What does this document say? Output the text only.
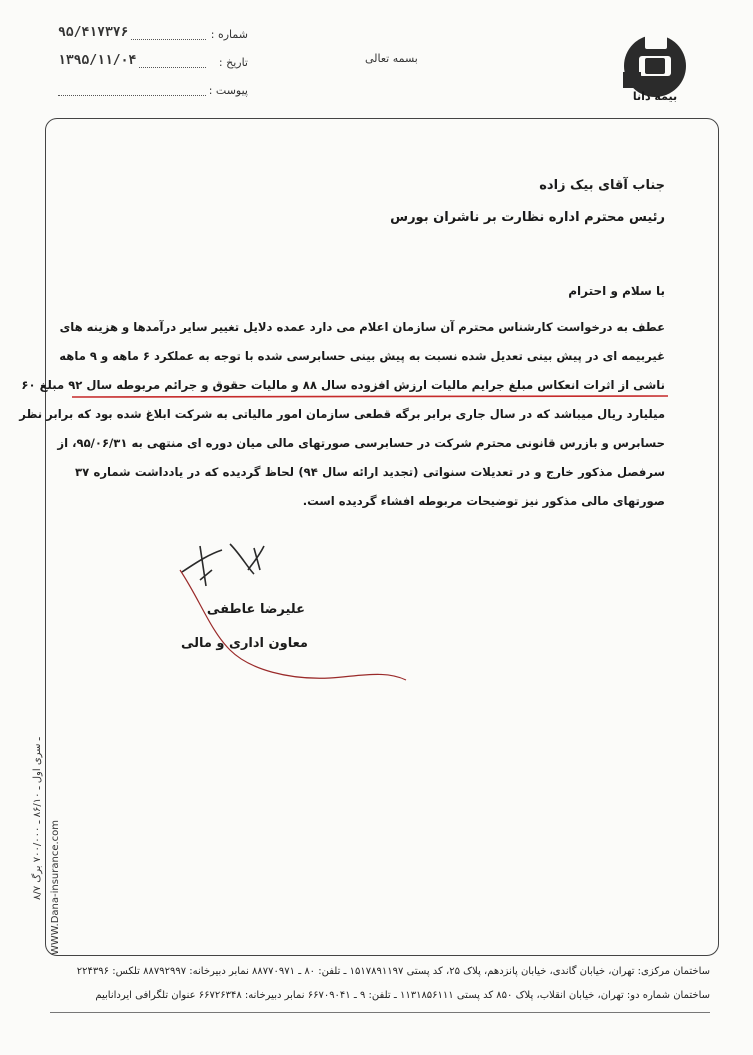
شماره :
۹۵/۴۱۷۳۷۶
تاریخ :
۱۳۹۵/۱۱/۰۴
پیوست :
بسمه تعالی
بیمه دانا
جناب آقای بیک زاده
رئیس محترم اداره نظارت بر ناشران بورس
با سلام و احترام
عطف به درخواست کارشناس محترم آن سازمان اعلام می دارد عمده دلایل تغییر سایر درآمدها و هزینه های
غیربیمه ای در پیش بینی تعدیل شده نسبت به پیش بینی حسابرسی شده با توجه به عملکرد ۶ ماهه و ۹ ماهه
ناشی از اثرات انعکاس مبلغ جرایم مالیات ارزش افزوده سال ۸۸ و مالیات حقوق و جرائم مربوطه سال ۹۲ مبلغ ۶۰
میلیارد ریال میباشد که در سال جاری برابر برگه قطعی سازمان امور مالیاتی به شرکت ابلاغ شده بود که برابر نظر
حسابرس و بازرس قانونی محترم شرکت در حسابرسی صورتهای مالی میان دوره ای منتهی به ۹۵/۰۶/۳۱، از
سرفصل مذکور خارج و در تعدیلات سنواتی (تجدید ارائه سال ۹۴) لحاظ گردیده که در یادداشت شماره ۳۷
صورتهای مالی مذکور نیز توضیحات مربوطه افشاء گردیده است.
علیرضا عاطفی
معاون اداری و مالی
WWW.Dana-insurance.com
۸/۷ ـ سری اول ـ ۸۶/۱۰ ـ ۷۰۰/۰۰۰ برگ
ساختمان مرکزی: تهران، خیابان گاندی، خیابان پانزدهم، پلاک ۲۵، کد پستی ۱۵۱۷۸۹۱۱۹۷ ـ تلفن: ۸۰ ـ ۸۸۷۷۰۹۷۱ نمابر دبیرخانه: ۸۸۷۹۲۹۹۷ تلکس: ۲۲۴۳۹۶
ساختمان شماره دو: تهران، خیابان انقلاب، پلاک ۸۵۰ کد پستی ۱۱۳۱۸۵۶۱۱۱ ـ تلفن: ۹ ـ ۶۶۷۰۹۰۴۱ نمابر دبیرخانه: ۶۶۷۲۶۳۴۸ عنوان تلگرافی ایردانابیم
